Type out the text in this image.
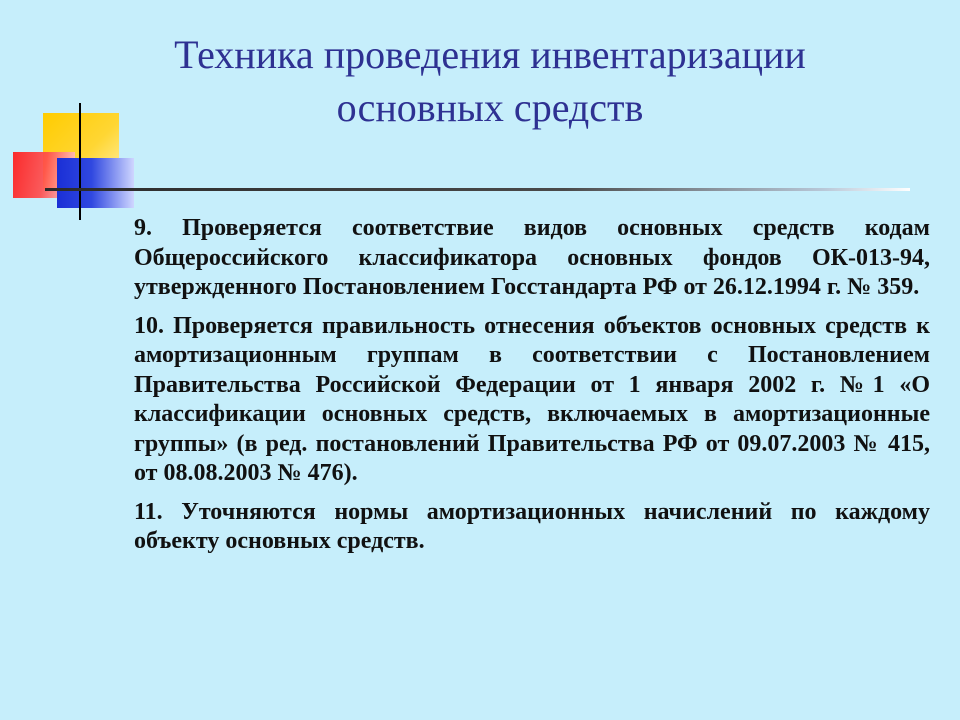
Техника проведения инвентаризации
основных средств

9. Проверяется соответствие видов основных средств кодам Общероссийского классификатора основных фондов ОК-013-94, утвержденного Постановлением Госстандарта РФ от 26.12.1994 г. № 359.

10. Проверяется правильность отнесения объектов основных средств к амортизационным группам в соответствии с Постановлением Правительства Российской Федерации от 1 января 2002 г. №1 «О классификации основных средств, включаемых в амортизационные группы» (в ред. постановлений Правительства РФ от 09.07.2003 № 415, от 08.08.2003 № 476).

11. Уточняются нормы амортизационных начислений по каждому объекту основных средств.
